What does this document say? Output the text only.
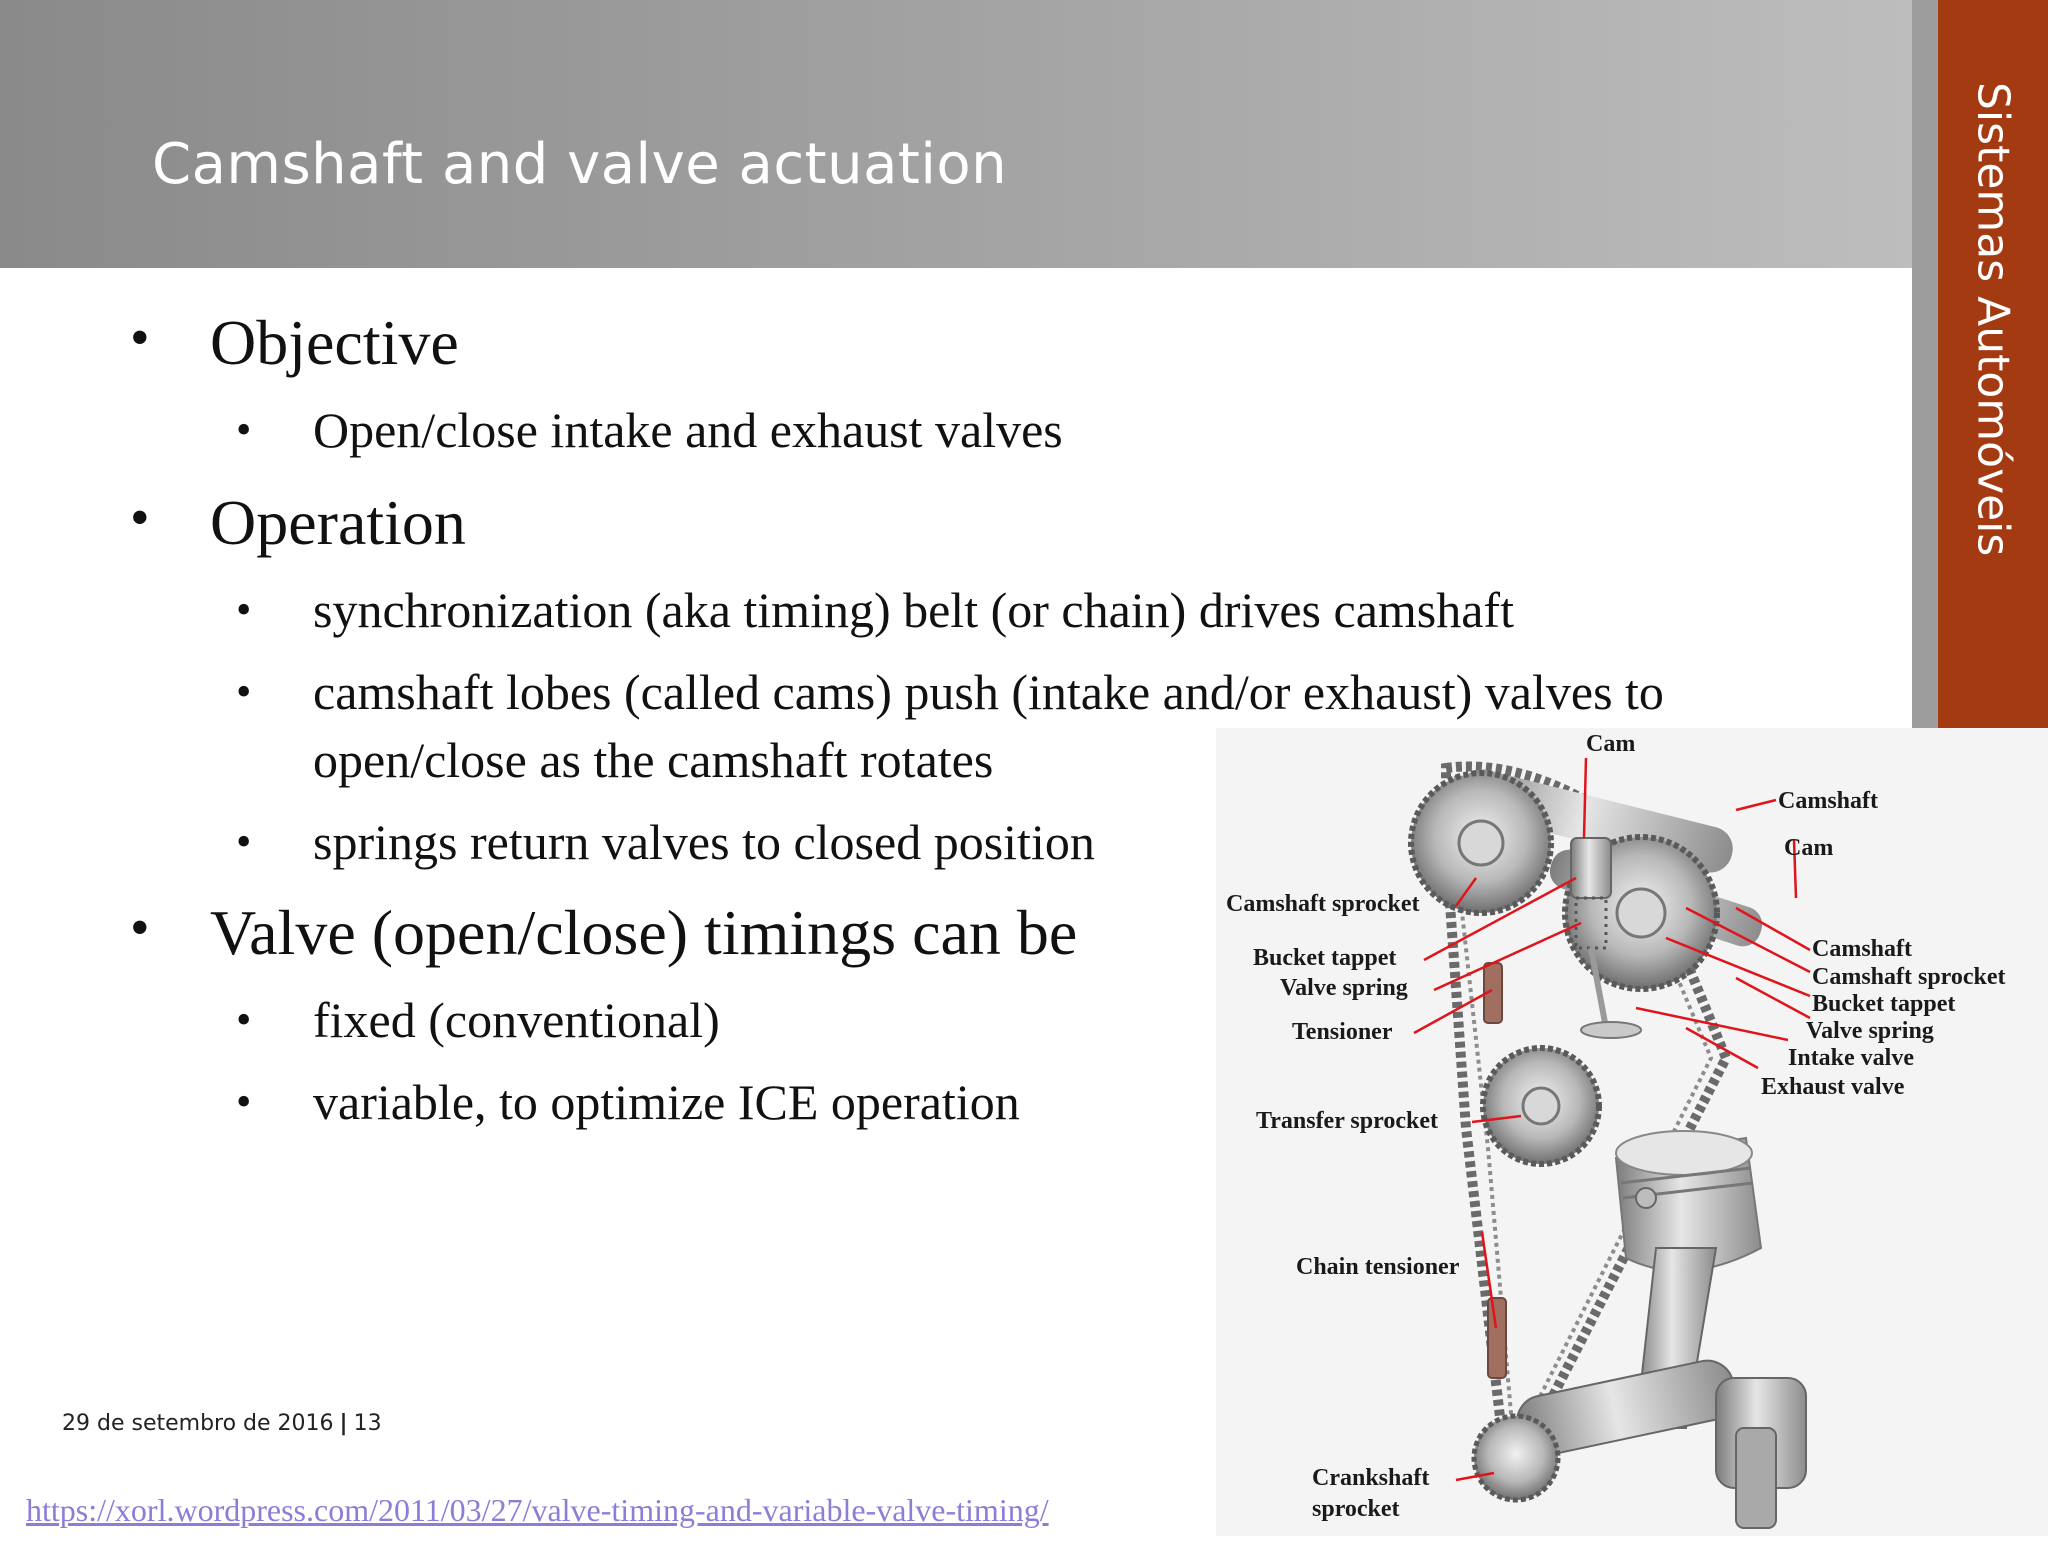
Camshaft and valve actuation	Sistemas Automóveis
• Objective
• Open/close intake and exhaust valves
• Operation
• synchronization (aka timing) belt (or chain) drives camshaft
• camshaft lobes (called cams) push (intake and/or exhaust) valves to
open/close as the camshaft rotates
• springs return valves to closed position
• Valve (open/close) timings can be
• fixed (conventional)
• variable, to optimize ICE operation
Cam
Camshaft
Cam
Camshaft sprocket
Bucket tappet
Valve spring
Tensioner
Camshaft
Camshaft sprocket
Bucket tappet
Valve spring
Intake valve
Exhaust valve
Transfer sprocket
Chain tensioner
Crankshaft
sprocket
29 de setembro de 2016 | 13
https://xorl.wordpress.com/2011/03/27/valve-timing-and-variable-valve-timing/
